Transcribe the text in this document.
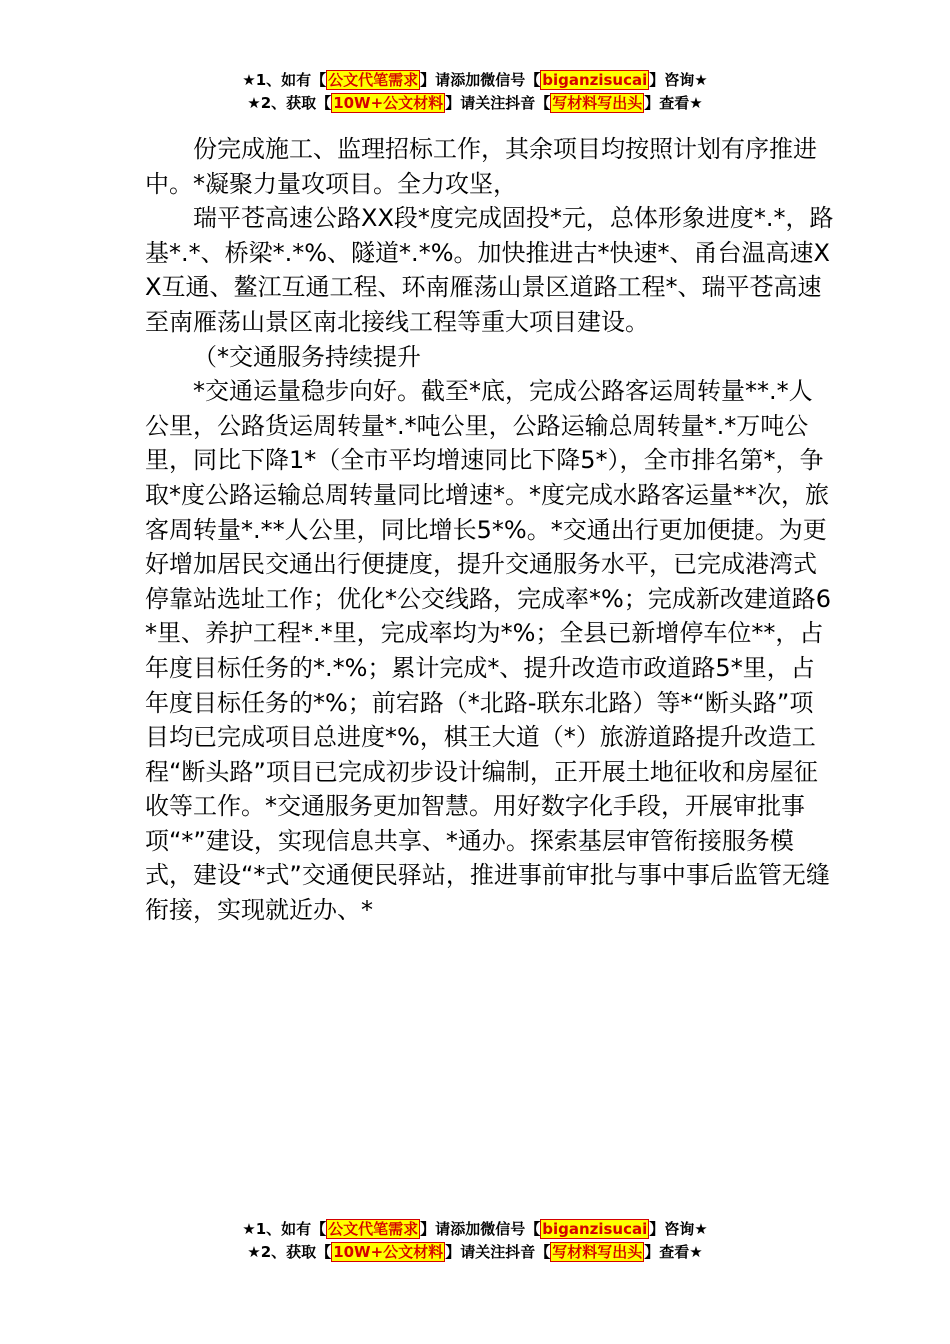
★1、如有【 公文代笔需求 】请添加微信号【 biganzisucai 】咨询★
★2、获取【 10W+公文材料 】请关注抖音【 写材料写出头 】查看★

份完成施工、监理招标工作，其余项目均按照计划有序推进中。*凝聚力量攻项目。全力攻坚，

瑞平苍高速公路XX段*度完成固投*元，总体形象进度*.*，路基*.*、桥梁*.*%、隧道*.*%。加快推进古*快速*、甬台温高速XX互通、鳌江互通工程、环南雁荡山景区道路工程*、瑞平苍高速至南雁荡山景区南北接线工程等重大项目建设。

（*交通服务持续提升

*交通运量稳步向好。截至*底，完成公路客运周转量**.*人公里，公路货运周转量*.*吨公里，公路运输总周转量*.*万吨公里，同比下降1*（全市平均增速同比下降5*），全市排名第*，争取*度公路运输总周转量同比增速*。*度完成水路客运量**次，旅客周转量*.**人公里，同比增长5*%。*交通出行更加便捷。为更好增加居民交通出行便捷度，提升交通服务水平，已完成港湾式停靠站选址工作；优化*公交线路，完成率*%；完成新改建道路6*里、养护工程*.*里，完成率均为*%；全县已新增停车位**，占年度目标任务的*.*%；累计完成*、提升改造市政道路5*里，占年度目标任务的*%；前宕路（*北路-联东北路）等*“断头路”项目均已完成项目总进度*%，棋王大道（*）旅游道路提升改造工程“断头路”项目已完成初步设计编制，正开展土地征收和房屋征收等工作。*交通服务更加智慧。用好数字化手段，开展审批事项“*”建设，实现信息共享、*通办。探索基层审管衔接服务模式，建设“*式”交通便民驿站，推进事前审批与事中事后监管无缝衔接，实现就近办、*

★1、如有【 公文代笔需求 】请添加微信号【 biganzisucai 】咨询★
★2、获取【 10W+公文材料 】请关注抖音【 写材料写出头 】查看★
